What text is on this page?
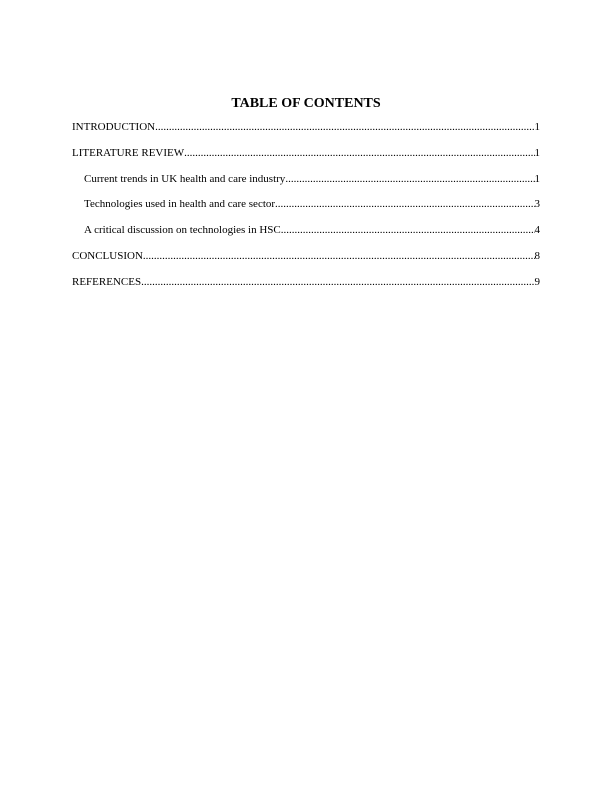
TABLE OF CONTENTS
INTRODUCTION .....	1
LITERATURE REVIEW .....	1
Current trends in UK health and care industry .....	1
Technologies used in health and care sector .....	3
A critical discussion on technologies in HSC .....	4
CONCLUSION .....	8
REFERENCES .....	9
